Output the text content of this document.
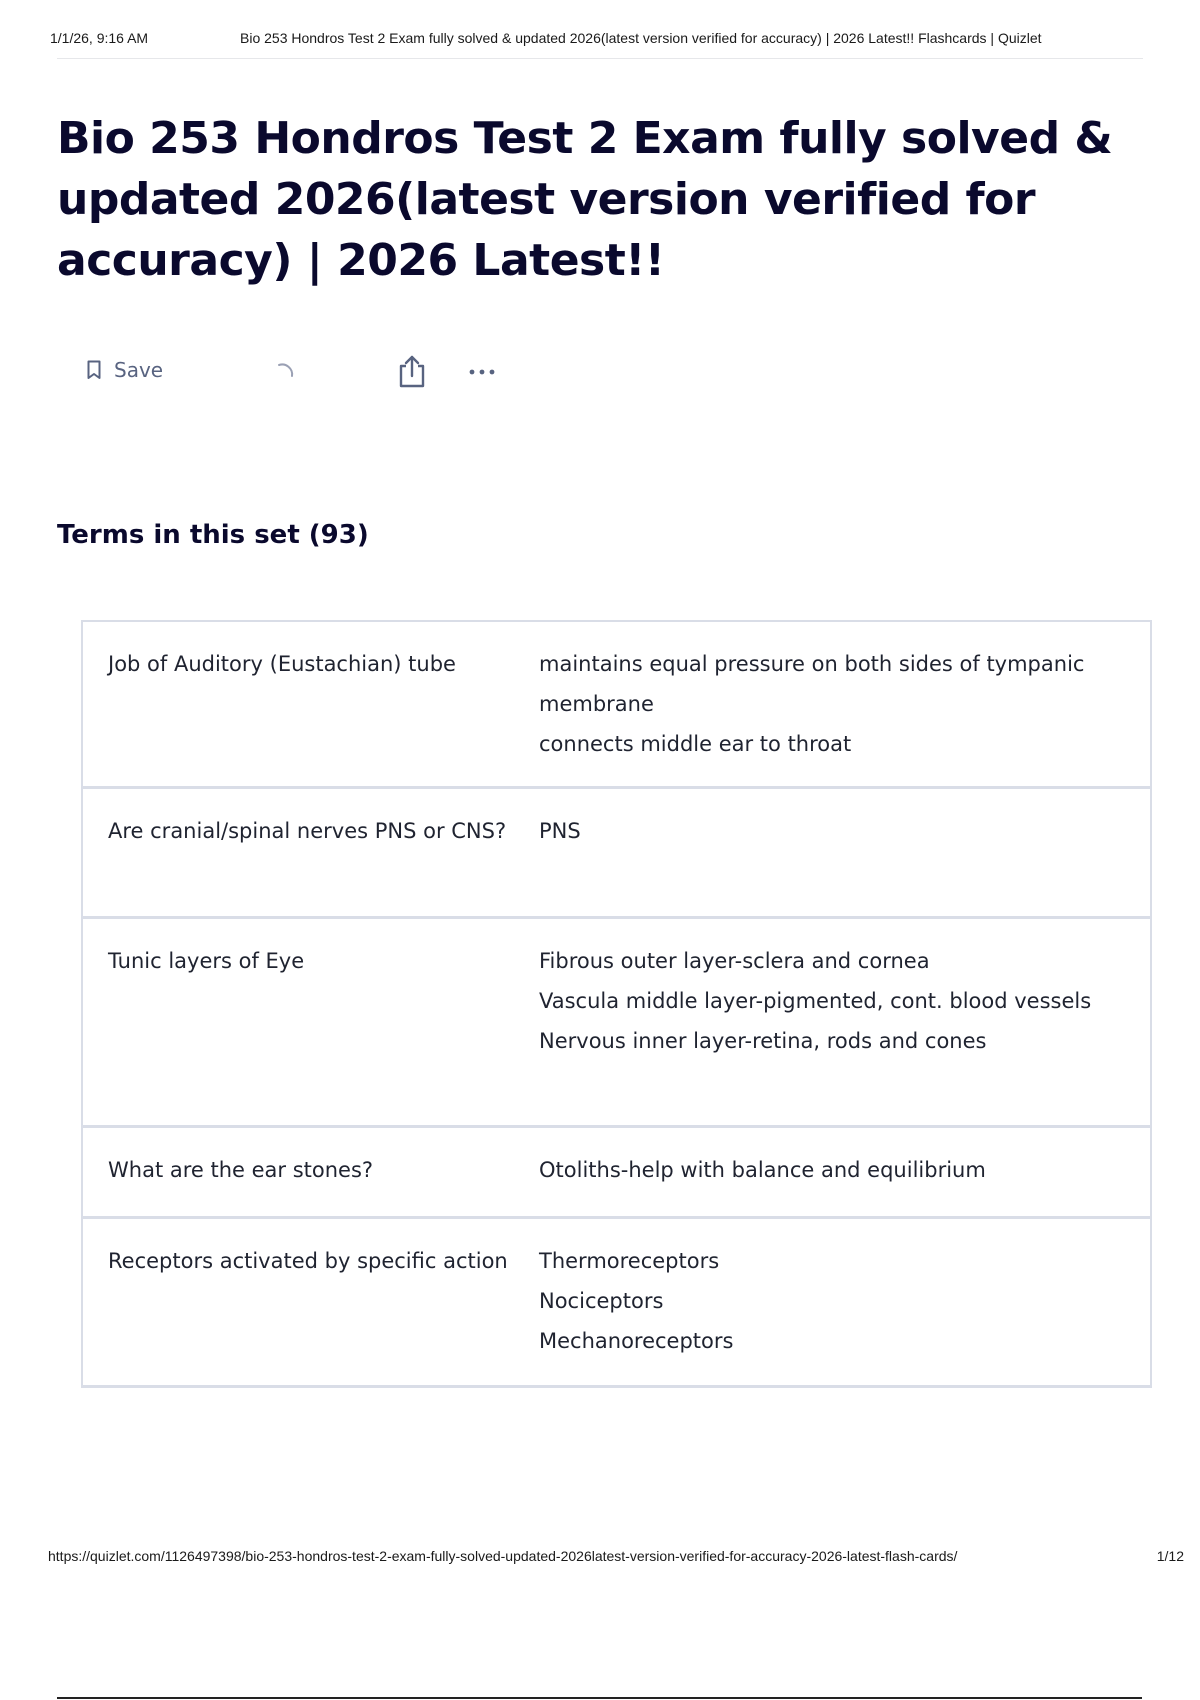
1/1/26, 9:16 AM	Bio 253 Hondros Test 2 Exam fully solved & updated 2026(latest version verified for accuracy) | 2026 Latest!! Flashcards | Quizlet
Bio 253 Hondros Test 2 Exam fully solved & updated 2026(latest version verified for accuracy) | 2026 Latest!!
Save
Terms in this set (93)
Job of Auditory (Eustachian) tube	maintains equal pressure on both sides of tympanic membrane
connects middle ear to throat
Are cranial/spinal nerves PNS or CNS?	PNS
Tunic layers of Eye	Fibrous outer layer-sclera and cornea
Vascula middle layer-pigmented, cont. blood vessels
Nervous inner layer-retina, rods and cones
What are the ear stones?	Otoliths-help with balance and equilibrium
Receptors activated by specific action	Thermoreceptors
Nociceptors
Mechanoreceptors
https://quizlet.com/1126497398/bio-253-hondros-test-2-exam-fully-solved-updated-2026latest-version-verified-for-accuracy-2026-latest-flash-cards/	1/12
